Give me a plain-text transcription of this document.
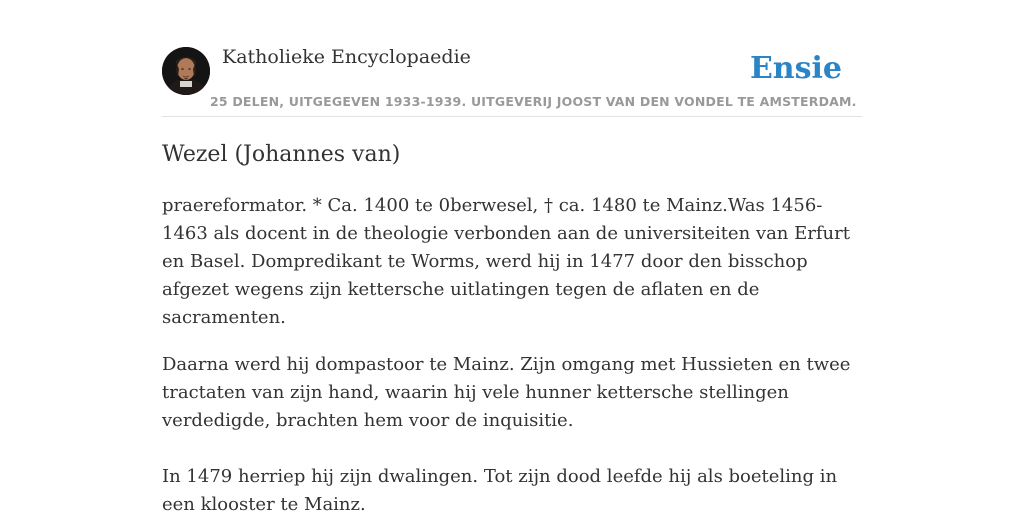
Katholieke Encyclopaedie	Ensie
25 DELEN, UITGEGEVEN 1933-1939. UITGEVERIJ JOOST VAN DEN VONDEL TE AMSTERDAM.
Wezel (Johannes van)

praereformator. * Ca. 1400 te 0berwesel, † ca. 1480 te Mainz.Was 1456-1463 als docent in de theologie verbonden aan de universiteiten van Erfurt en Basel. Dompredikant te Worms, werd hij in 1477 door den bisschop afgezet wegens zijn kettersche uitlatingen tegen de aflaten en de sacramenten.

Daarna werd hij dompastoor te Mainz. Zijn omgang met Hussieten en twee tractaten van zijn hand, waarin hij vele hunner kettersche stellingen verdedigde, brachten hem voor de inquisitie.

In 1479 herriep hij zijn dwalingen. Tot zijn dood leefde hij als boeteling in een klooster te Mainz.
